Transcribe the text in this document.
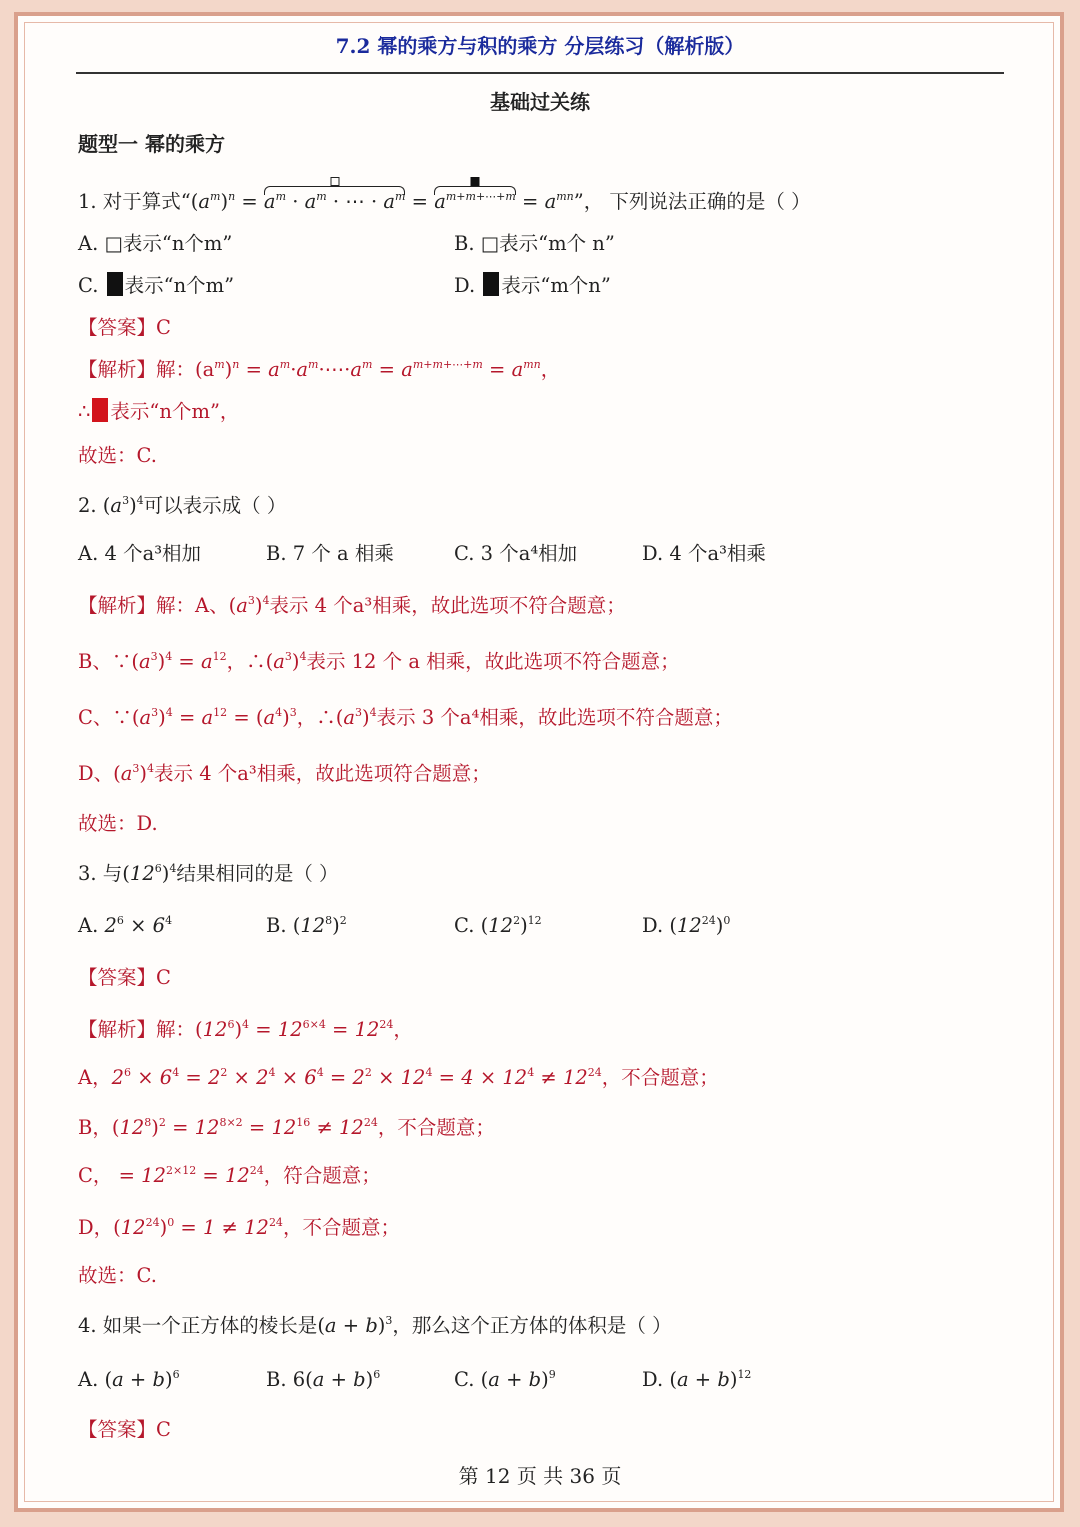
7.2 幂的乘方与积的乘方 分层练习（解析版）
基础过关练
题型一 幂的乘方
1. 对于算式“$(a^m)^n$ =
$a^m \cdot a^m$ · ⋯ · $a^m$ =
$a^{m+m+\cdots+m} = a^{mn}$”， 下列说法正确的是（ ）
A. □表示“n个m”	B. □表示“m个 n”
C. 表示“n个m”	D. 表示“m个n”
【答案】C
【解析】解：$(a^m)^n$ = $a^m\cdot a^m\cdot\cdots\cdot a^m = a^{m+m+\cdots+m} = a^{mn}$，
∴ 表示“n个m”，
故选：C.
2. $(a^3)^4$可以表示成（ ）
A. 4 个a³相加	B. 7 个 a 相乘	C. 3 个a⁴相加	D. 4 个a³相乘
【解析】解：A、$(a^3)^4$表示 4 个a³相乘，故此选项不符合题意；
B、$\because(a^3)^4 = a^{12}$，$\therefore(a^3)^4$表示 12 个 a 相乘，故此选项不符合题意；
C、$\because(a^3)^4 = a^{12} = (a^4)^3$，$\therefore(a^3)^4$表示 3 个a⁴相乘，故此选项不符合题意；
D、$(a^3)^4$表示 4 个a³相乘，故此选项符合题意；
故选：D.
3. 与$(12^6)^4$结果相同的是（ ）
A. $2^6 \times 6^4$	B. $(12^8)^2$	C. $(12^2)^{12}$	D. $(12^{24})^0$
【答案】C
【解析】解：$(12^6)^4 = 12^{6\times 4} = 12^{24}$，
A，$2^6 \times 6^4 = 2^2 \times 2^4 \times 6^4 = 2^2 \times 12^4 = 4 \times 12^4 \ne 12^{24}$，不合题意；
B，$(12^8)^2 = 12^{8\times 2} = 12^{16} \ne 12^{24}$，不合题意；
C， = $12^{2\times 12} = 12^{24}$，符合题意；
D，$(12^{24})^0 = 1 \ne 12^{24}$，不合题意；
故选：C.
4. 如果一个正方体的棱长是$(a + b)^3$，那么这个正方体的体积是（ ）
A. $(a + b)^6$	B. $6(a + b)^6$	C. $(a + b)^9$	D. $(a + b)^{12}$
【答案】C
第 12 页 共 36 页
